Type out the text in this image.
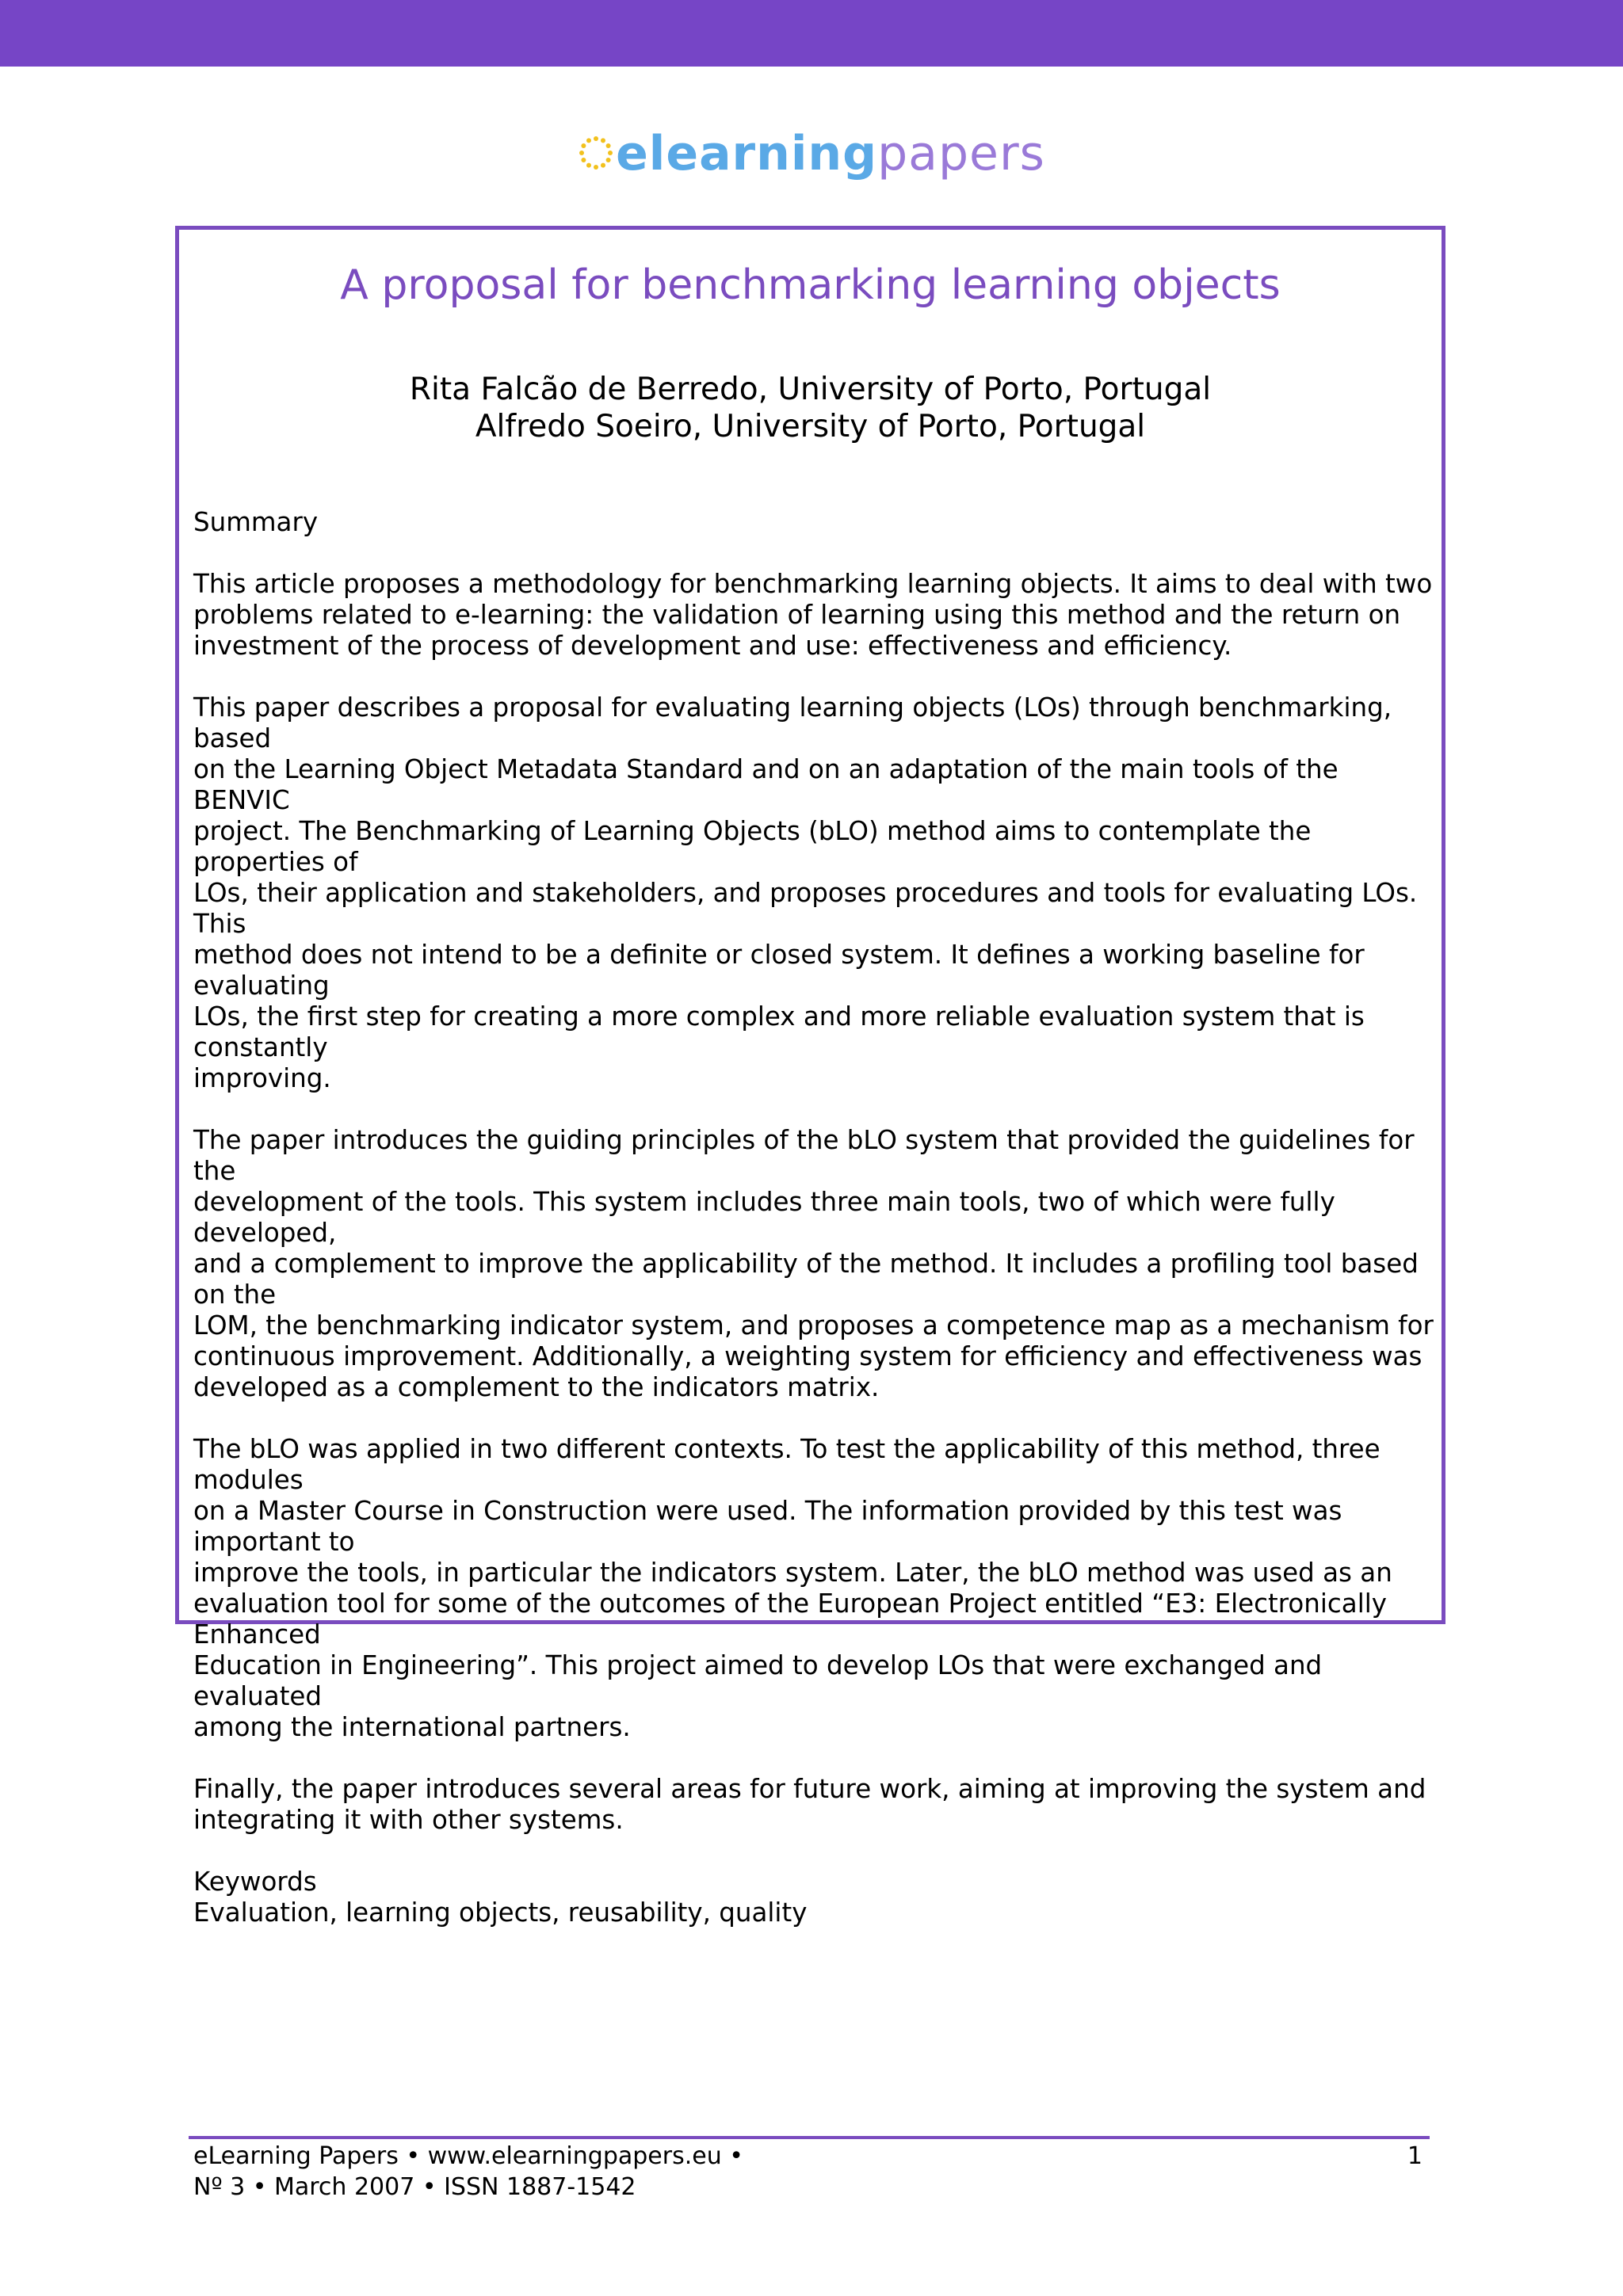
elearningpapers
A proposal for benchmarking learning objects
Rita Falcão de Berredo, University of Porto, Portugal
Alfredo Soeiro, University of Porto, Portugal

Summary

This article proposes a methodology for benchmarking learning objects. It aims to deal with two
problems related to e-learning: the validation of learning using this method and the return on
investment of the process of development and use: effectiveness and efficiency.

This paper describes a proposal for evaluating learning objects (LOs) through benchmarking, based
on the Learning Object Metadata Standard and on an adaptation of the main tools of the BENVIC
project. The Benchmarking of Learning Objects (bLO) method aims to contemplate the properties of
LOs, their application and stakeholders, and proposes procedures and tools for evaluating LOs. This
method does not intend to be a definite or closed system. It defines a working baseline for evaluating
LOs, the first step for creating a more complex and more reliable evaluation system that is constantly
improving.

The paper introduces the guiding principles of the bLO system that provided the guidelines for the
development of the tools. This system includes three main tools, two of which were fully developed,
and a complement to improve the applicability of the method. It includes a profiling tool based on the
LOM, the benchmarking indicator system, and proposes a competence map as a mechanism for
continuous improvement. Additionally, a weighting system for efficiency and effectiveness was
developed as a complement to the indicators matrix.

The bLO was applied in two different contexts. To test the applicability of this method, three modules
on a Master Course in Construction were used. The information provided by this test was important to
improve the tools, in particular the indicators system. Later, the bLO method was used as an
evaluation tool for some of the outcomes of the European Project entitled “E3: Electronically Enhanced
Education in Engineering”. This project aimed to develop LOs that were exchanged and evaluated
among the international partners.

Finally, the paper introduces several areas for future work, aiming at improving the system and
integrating it with other systems.

Keywords

Evaluation, learning objects, reusability, quality

eLearning Papers • www.elearningpapers.eu •
Nº 3 • March 2007 • ISSN 1887-1542
1
